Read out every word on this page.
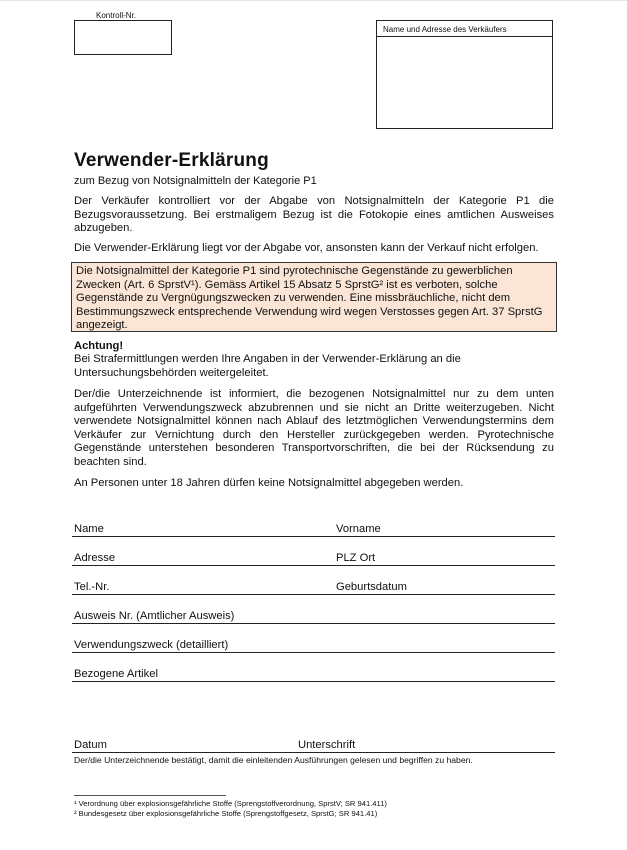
Kontroll-Nr.
Name und Adresse des Verkäufers
Verwender-Erklärung
zum Bezug von Notsignalmitteln der Kategorie P1
Der Verkäufer kontrolliert vor der Abgabe von Notsignalmitteln der Kategorie P1 die Bezugsvoraussetzung. Bei erstmaligem Bezug ist die Fotokopie eines amtlichen Ausweises abzugeben.
Die Verwender-Erklärung liegt vor der Abgabe vor, ansonsten kann der Verkauf nicht erfolgen.
Die Notsignalmittel der Kategorie P1 sind pyrotechnische Gegenstände zu gewerblichen Zwecken (Art. 6 SprstV¹). Gemäss Artikel 15 Absatz 5 SprstG² ist es verboten, solche Gegenstände zu Vergnügungszwecken zu verwenden. Eine missbräuchliche, nicht dem Bestimmungszweck entsprechende Verwendung wird wegen Verstosses gegen Art. 37 SprstG angezeigt.
Achtung!
Bei Strafermittlungen werden Ihre Angaben in der Verwender-Erklärung an die Untersuchungsbehörden weitergeleitet.
Der/die Unterzeichnende ist informiert, die bezogenen Notsignalmittel nur zu dem unten aufgeführten Verwendungszweck abzubrennen und sie nicht an Dritte weiterzugeben. Nicht verwendete Notsignalmittel können nach Ablauf des letztmöglichen Verwendungstermins dem Verkäufer zur Vernichtung durch den Hersteller zurückgegeben werden. Pyrotechnische Gegenstände unterstehen besonderen Transportvorschriften, die bei der Rücksendung zu beachten sind.
An Personen unter 18 Jahren dürfen keine Notsignalmittel abgegeben werden.
Name	Vorname
Adresse	PLZ Ort
Tel.-Nr.	Geburtsdatum
Ausweis Nr. (Amtlicher Ausweis)
Verwendungszweck (detailliert)
Bezogene Artikel
Datum	Unterschrift
Der/die Unterzeichnende bestätigt, damit die einleitenden Ausführungen gelesen und begriffen zu haben.
¹ Verordnung über explosionsgefährliche Stoffe (Sprengstoffverordnung, SprstV; SR 941.411)
² Bundesgesetz über explosionsgefährliche Stoffe (Sprengstoffgesetz, SprstG; SR 941.41)
